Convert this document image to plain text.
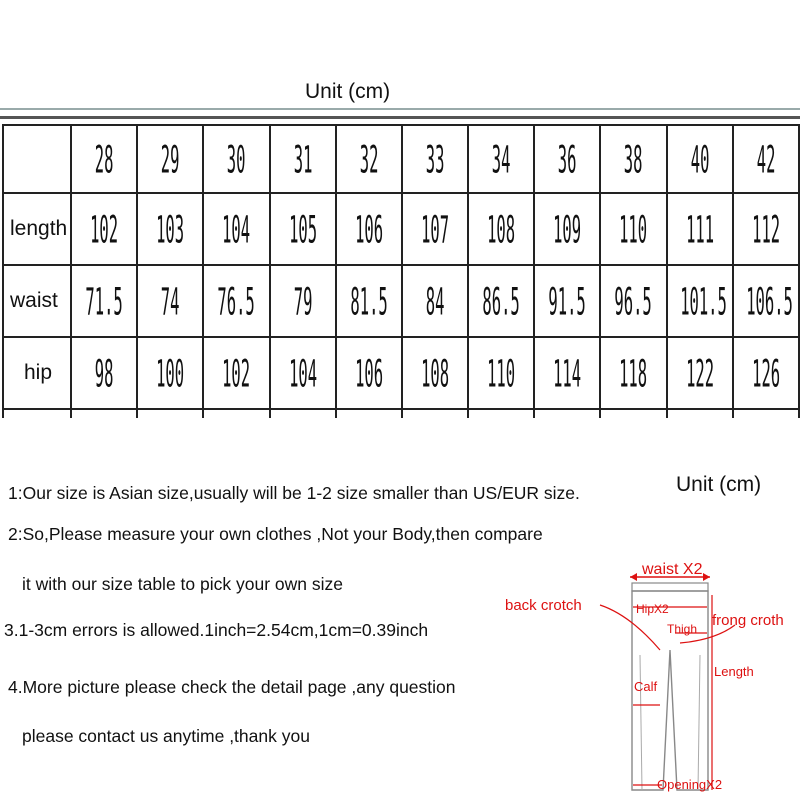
Unit (cm)
	28	29	30	31	32	33	34	36	38	40	42
length	102	103	104	105	106	107	108	109	110	111	112
waist	71.5	74	76.5	79	81.5	84	86.5	91.5	96.5	101.5	106.5
hip	98	100	102	104	106	108	110	114	118	122	126

1:Our size is Asian size,usually will be 1-2 size smaller than US/EUR size.	Unit (cm)
2:So,Please measure your own clothes ,Not your Body,then compare
it with our size table to pick your own size
3.1-3cm errors is allowed.1inch=2.54cm,1cm=0.39inch
4.More picture please check the detail page ,any question
please contact us anytime ,thank you
waist X2
back crotch	HipX2
Thigh frong croth
Length
Calf
OpeningX2
